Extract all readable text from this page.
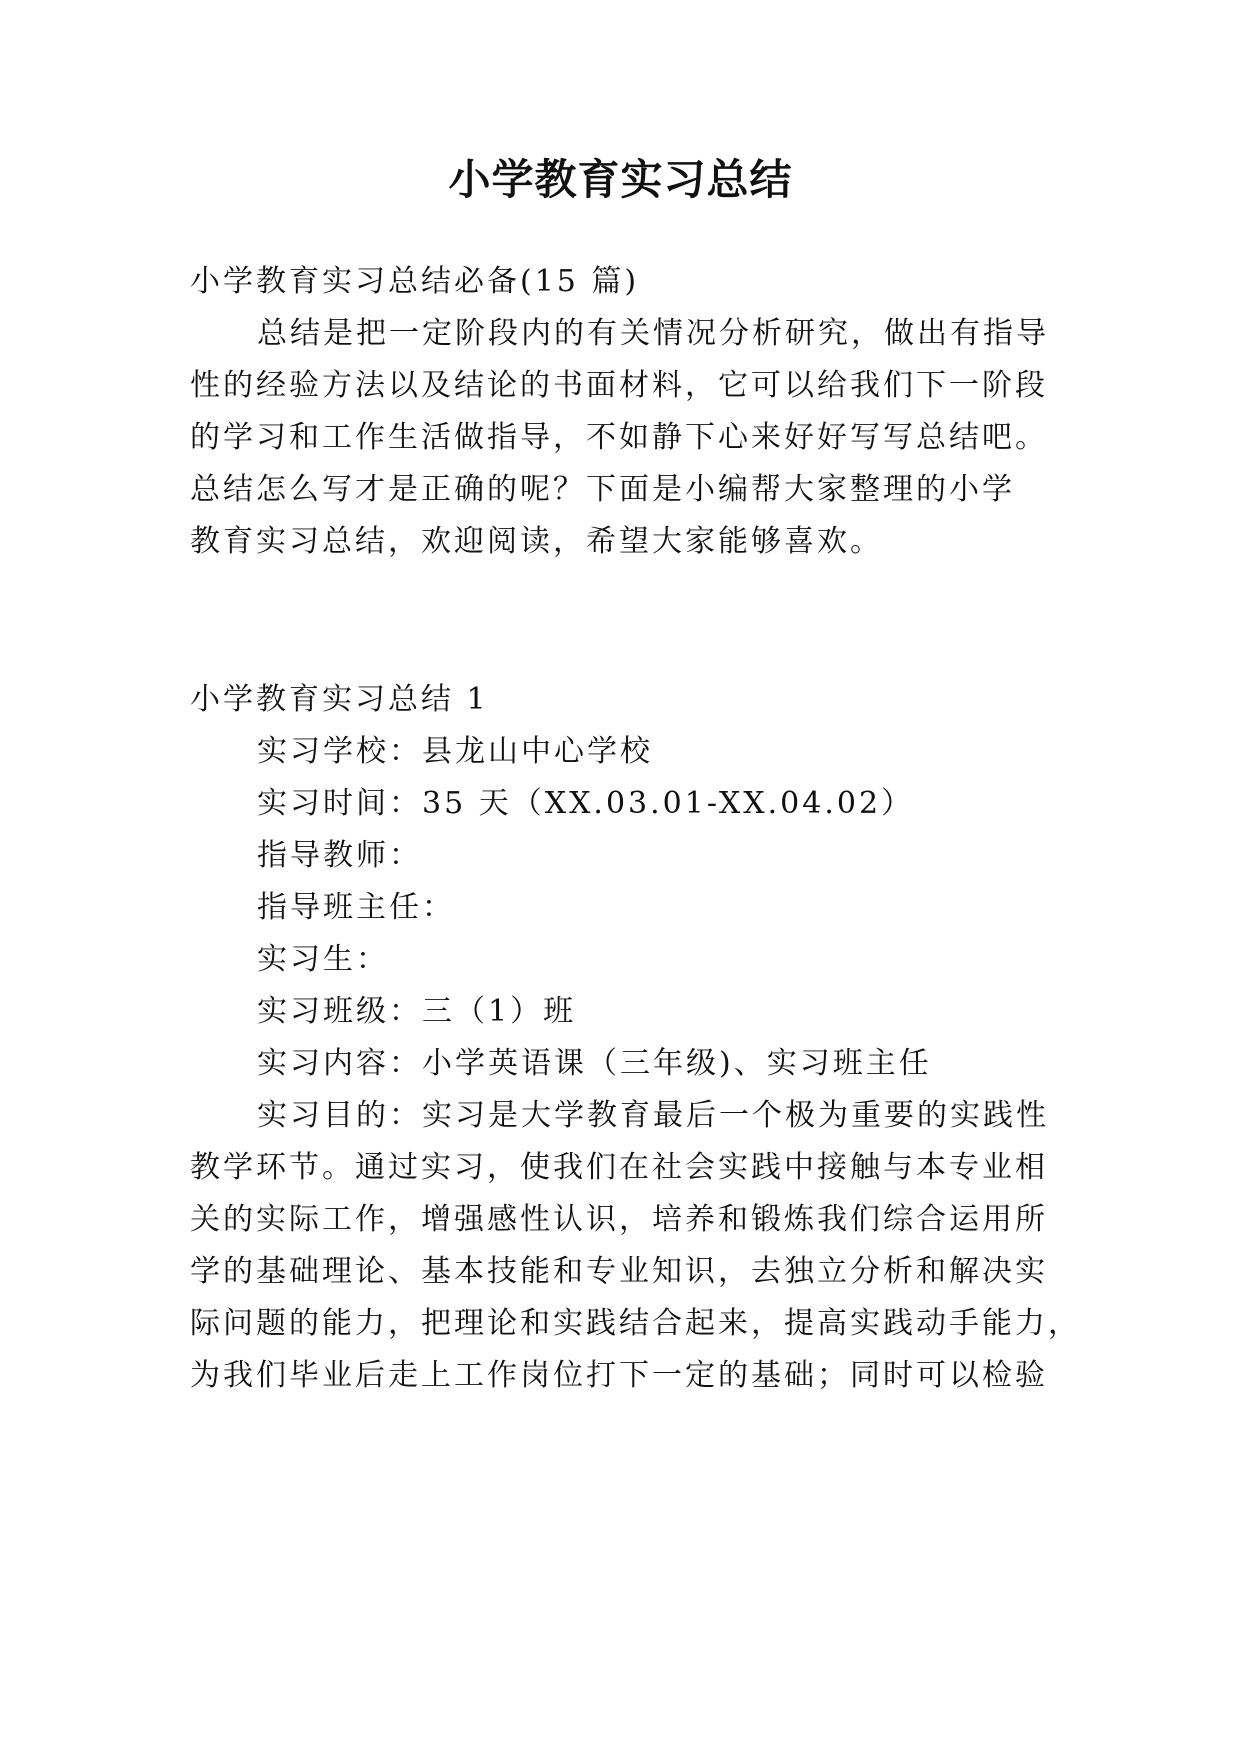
小学教育实习总结

小学教育实习总结必备(15 篇)

总结是把一定阶段内的有关情况分析研究，做出有指导

性的经验方法以及结论的书面材料，它可以给我们下一阶段

的学习和工作生活做指导，不如静下心来好好写写总结吧。

总结怎么写才是正确的呢？下面是小编帮大家整理的小学

教育实习总结，欢迎阅读，希望大家能够喜欢。

小学教育实习总结 1

实习学校：县龙山中心学校

实习时间：35 天（XX.03.01-XX.04.02）

指导教师：

指导班主任：

实习生：

实习班级：三（1）班

实习内容：小学英语课（三年级)、实习班主任

实习目的：实习是大学教育最后一个极为重要的实践性

教学环节。通过实习，使我们在社会实践中接触与本专业相

关的实际工作，增强感性认识，培养和锻炼我们综合运用所

学的基础理论、基本技能和专业知识，去独立分析和解决实

际问题的能力，把理论和实践结合起来，提高实践动手能力，

为我们毕业后走上工作岗位打下一定的基础；同时可以检验
